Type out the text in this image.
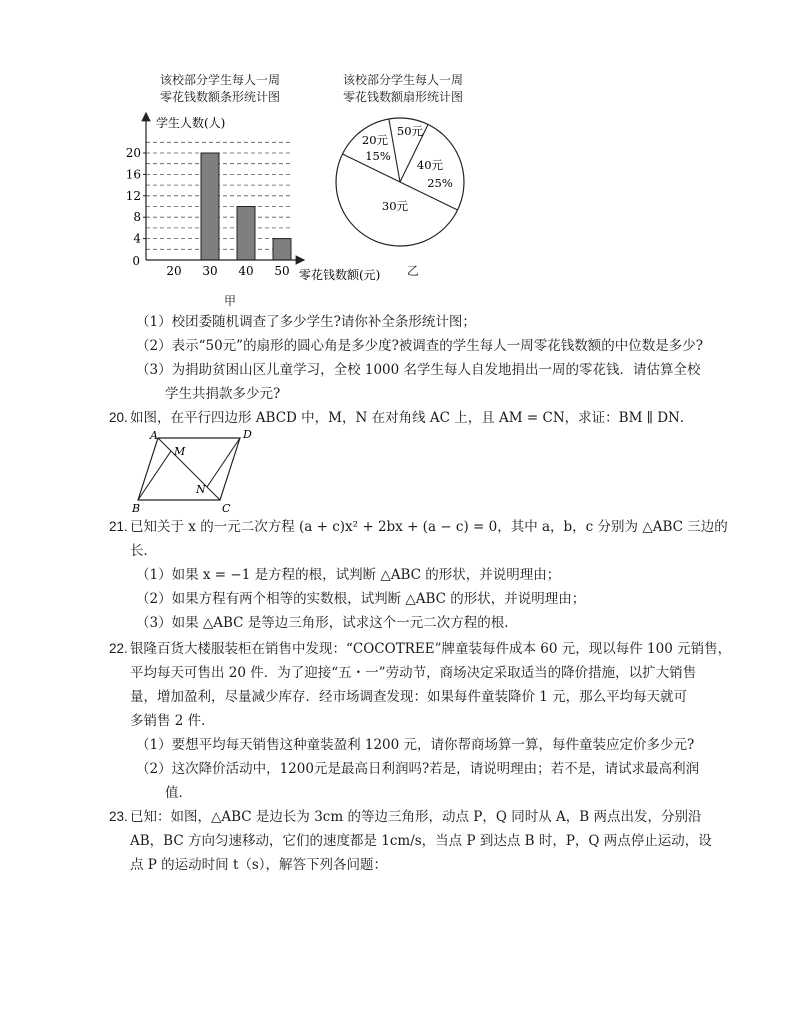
该校部分学生每人一周
零花钱数额条形统计图
该校部分学生每人一周
零花钱数额扇形统计图
4
8
12
16
20
20 30 40 50
0
学生人数(人)
零花钱数额(元)
甲
50元
40元
25%
30元
20元
15%
乙
（1）校团委随机调查了多少学生?请你补全条形统计图；
（2）表示“50元”的扇形的圆心角是多少度?被调查的学生每人一周零花钱数额的中位数是多少?
（3）为捐助贫困山区儿童学习，全校 1000 名学生每人自发地捐出一周的零花钱．请估算全校
学生共捐款多少元?
20. 如图，在平行四边形 ABCD 中，M，N 在对角线 AC 上，且 AM = CN，求证：BM ∥ DN．
A	D
B	C
M
N
21. 已知关于 x 的一元二次方程 (a + c)x² + 2bx + (a − c) = 0，其中 a，b，c 分别为 △ABC 三边的
长．
（1）如果 x = −1 是方程的根，试判断 △ABC 的形状，并说明理由；
（2）如果方程有两个相等的实数根，试判断 △ABC 的形状，并说明理由；
（3）如果 △ABC 是等边三角形，试求这个一元二次方程的根．
22. 银隆百货大楼服装柜在销售中发现：“COCOTREE”牌童装每件成本 60 元，现以每件 100 元销售，
平均每天可售出 20 件．为了迎接“五・一”劳动节，商场决定采取适当的降价措施，以扩大销售
量，增加盈利，尽量减少库存．经市场调查发现：如果每件童装降价 1 元，那么平均每天就可
多销售 2 件．
（1）要想平均每天销售这种童装盈利 1200 元，请你帮商场算一算，每件童装应定价多少元?
（2）这次降价活动中，1200元是最高日利润吗?若是，请说明理由；若不是，请试求最高利润
值．
23. 已知：如图，△ABC 是边长为 3cm 的等边三角形，动点 P，Q 同时从 A，B 两点出发，分别沿
AB，BC 方向匀速移动，它们的速度都是 1cm/s，当点 P 到达点 B 时，P，Q 两点停止运动，设
点 P 的运动时间 t（s），解答下列各问题：
